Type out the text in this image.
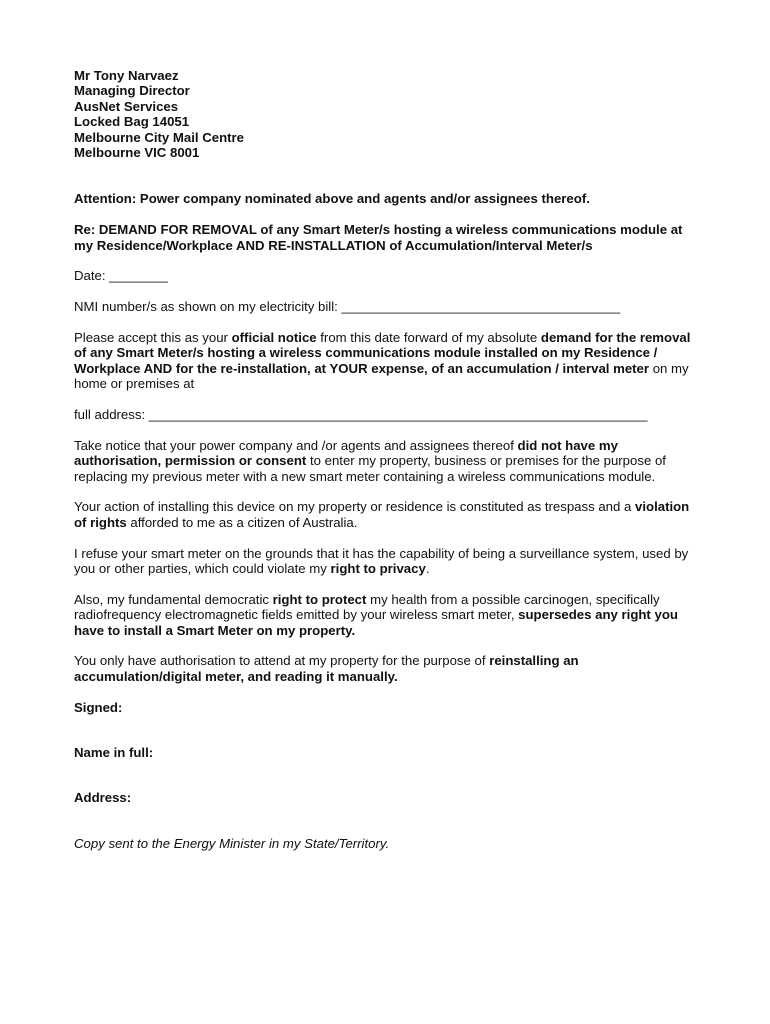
Mr Tony Narvaez
Managing Director
AusNet Services
Locked Bag 14051
Melbourne City Mail Centre
Melbourne VIC 8001

Attention: Power company nominated above and agents and/or assignees thereof.

Re: DEMAND FOR REMOVAL of any Smart Meter/s hosting a wireless communications module at my Residence/Workplace AND RE-INSTALLATION of Accumulation/Interval Meter/s

Date: ________

NMI number/s as shown on my electricity bill: ______________________________________

Please accept this as your official notice from this date forward of my absolute demand for the removal of any Smart Meter/s hosting a wireless communications module installed on my Residence / Workplace AND for the re-installation, at YOUR expense, of an accumulation / interval meter on my home or premises at

full address: ____________________________________________________________________

Take notice that your power company and /or agents and assignees thereof did not have my authorisation, permission or consent to enter my property, business or premises for the purpose of replacing my previous meter with a new smart meter containing a wireless communications module.

Your action of installing this device on my property or residence is constituted as trespass and a violation of rights afforded to me as a citizen of Australia.

I refuse your smart meter on the grounds that it has the capability of being a surveillance system, used by you or other parties, which could violate my right to privacy.

Also, my fundamental democratic right to protect my health from a possible carcinogen, specifically radiofrequency electromagnetic fields emitted by your wireless smart meter, supersedes any right you have to install a Smart Meter on my property.

You only have authorisation to attend at my property for the purpose of reinstalling an accumulation/digital meter, and reading it manually.

Signed:

Name in full:

Address:

Copy sent to the Energy Minister in my State/Territory.
